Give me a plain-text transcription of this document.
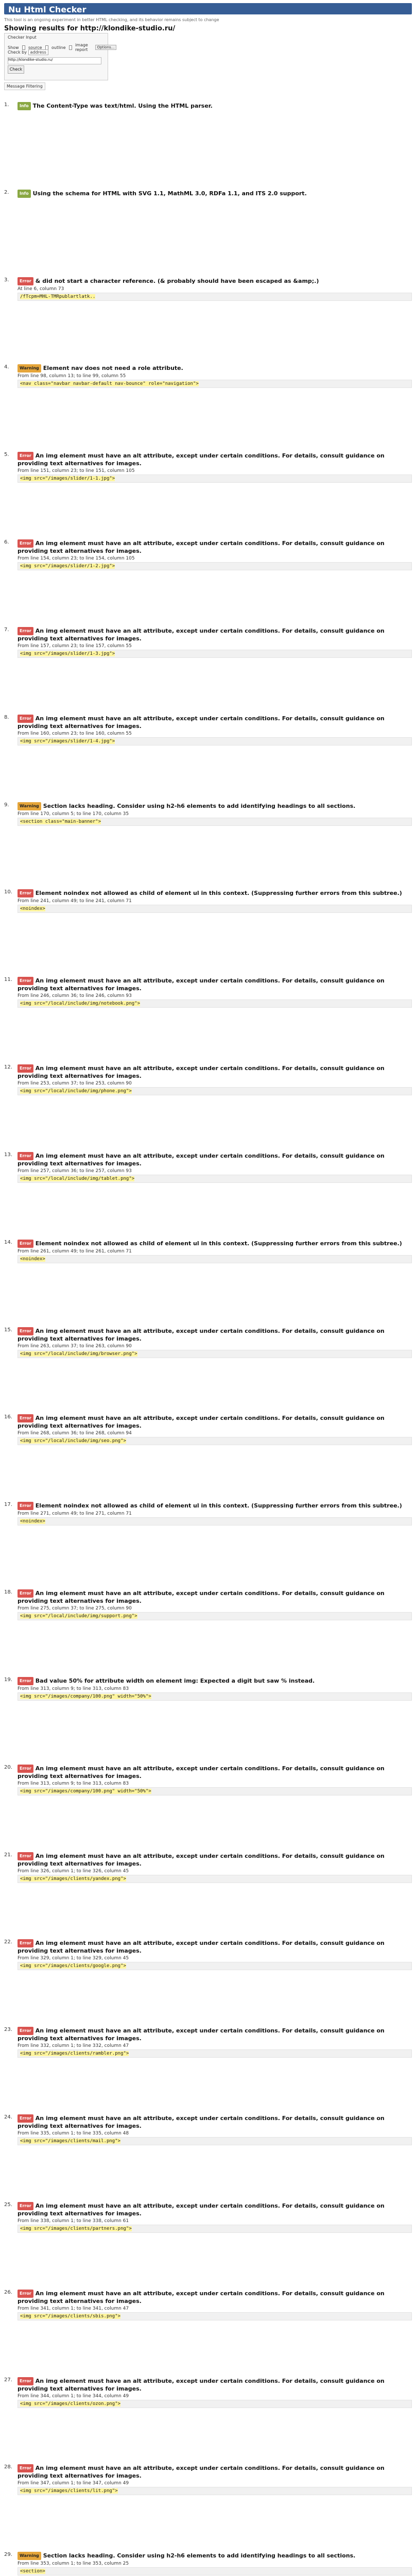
Nu Html Checker
This tool is an ongoing experiment in better HTML checking, and its behavior remains subject to change
Showing results for http://klondike-studio.ru/
Checker Input
Show source outline image report	Options...
Check by address
http://klondike-studio.ru/
Check
Message Filtering
1.	Info The Content-Type was text/html. Using the HTML parser.
2.	Info Using the schema for HTML with SVG 1.1, MathML 3.0, RDFa 1.1, and ITS 2.0 support.
3.	Error & did not start a character reference. (& probably should have been escaped as &amp;.)
At line 6, column 73
/fTcpm=MHL-TMRpublartlatk..
4.	Warning Element nav does not need a role attribute.
From line 98, column 13; to line 99, column 55
<nav class="navbar navbar-default nav-bounce" role="navigation">
5.	Error An img element must have an alt attribute, except under certain conditions. For details, consult guidance on providing text alternatives for images.
From line 151, column 23; to line 151, column 105
<img src="/images/slider/1-1.jpg">
6.	Error An img element must have an alt attribute, except under certain conditions. For details, consult guidance on providing text alternatives for images.
From line 154, column 23; to line 154, column 105
<img src="/images/slider/1-2.jpg">
7.	Error An img element must have an alt attribute, except under certain conditions. For details, consult guidance on providing text alternatives for images.
From line 157, column 23; to line 157, column 55
<img src="/images/slider/1-3.jpg">
8.	Error An img element must have an alt attribute, except under certain conditions. For details, consult guidance on providing text alternatives for images.
From line 160, column 23; to line 160, column 55
<img src="/images/slider/1-4.jpg">
9.	Warning Section lacks heading. Consider using h2-h6 elements to add identifying headings to all sections.
From line 170, column 5; to line 170, column 35
<section class="main-banner">
10.	Error Element noindex not allowed as child of element ul in this context. (Suppressing further errors from this subtree.)
From line 241, column 49; to line 241, column 71
<noindex>
11.	Error An img element must have an alt attribute, except under certain conditions. For details, consult guidance on providing text alternatives for images.
From line 246, column 36; to line 246, column 93
<img src="/local/include/img/notebook.png">
12.	Error An img element must have an alt attribute, except under certain conditions. For details, consult guidance on providing text alternatives for images.
From line 253, column 37; to line 253, column 90
<img src="/local/include/img/phone.png">
13.	Error An img element must have an alt attribute, except under certain conditions. For details, consult guidance on providing text alternatives for images.
From line 257, column 36; to line 257, column 93
<img src="/local/include/img/tablet.png">
14.	Error Element noindex not allowed as child of element ul in this context. (Suppressing further errors from this subtree.)
From line 261, column 49; to line 261, column 71
<noindex>
15.	Error An img element must have an alt attribute, except under certain conditions. For details, consult guidance on providing text alternatives for images.
From line 263, column 37; to line 263, column 90
<img src="/local/include/img/browser.png">
16.	Error An img element must have an alt attribute, except under certain conditions. For details, consult guidance on providing text alternatives for images.
From line 268, column 36; to line 268, column 94
<img src="/local/include/img/seo.png">
17.	Error Element noindex not allowed as child of element ul in this context. (Suppressing further errors from this subtree.)
From line 271, column 49; to line 271, column 71
<noindex>
18.	Error An img element must have an alt attribute, except under certain conditions. For details, consult guidance on providing text alternatives for images.
From line 275, column 37; to line 275, column 90
<img src="/local/include/img/support.png">
19.	Error Bad value 50% for attribute width on element img: Expected a digit but saw % instead.
From line 313, column 9; to line 313, column 83
<img src="/images/company/100.png" width="50%">
20.	Error An img element must have an alt attribute, except under certain conditions. For details, consult guidance on providing text alternatives for images.
From line 313, column 9; to line 313, column 83
<img src="/images/company/100.png" width="50%">
21.	Error An img element must have an alt attribute, except under certain conditions. For details, consult guidance on providing text alternatives for images.
From line 326, column 1; to line 326, column 45
<img src="/images/clients/yandex.png">
22.	Error An img element must have an alt attribute, except under certain conditions. For details, consult guidance on providing text alternatives for images.
From line 329, column 1; to line 329, column 45
<img src="/images/clients/google.png">
23.	Error An img element must have an alt attribute, except under certain conditions. For details, consult guidance on providing text alternatives for images.
From line 332, column 1; to line 332, column 47
<img src="/images/clients/rambler.png">
24.	Error An img element must have an alt attribute, except under certain conditions. For details, consult guidance on providing text alternatives for images.
From line 335, column 1; to line 335, column 48
<img src="/images/clients/mail.png">
25.	Error An img element must have an alt attribute, except under certain conditions. For details, consult guidance on providing text alternatives for images.
From line 338, column 1; to line 338, column 61
<img src="/images/clients/partners.png">
26.	Error An img element must have an alt attribute, except under certain conditions. For details, consult guidance on providing text alternatives for images.
From line 341, column 1; to line 341, column 47
<img src="/images/clients/sbis.png">
27.	Error An img element must have an alt attribute, except under certain conditions. For details, consult guidance on providing text alternatives for images.
From line 344, column 1; to line 344, column 49
<img src="/images/clients/ozon.png">
28.	Error An img element must have an alt attribute, except under certain conditions. For details, consult guidance on providing text alternatives for images.
From line 347, column 1; to line 347, column 49
<img src="/images/clients/lit.png">
29.	Warning Section lacks heading. Consider using h2-h6 elements to add identifying headings to all sections.
From line 353, column 1; to line 353, column 25
<section>
